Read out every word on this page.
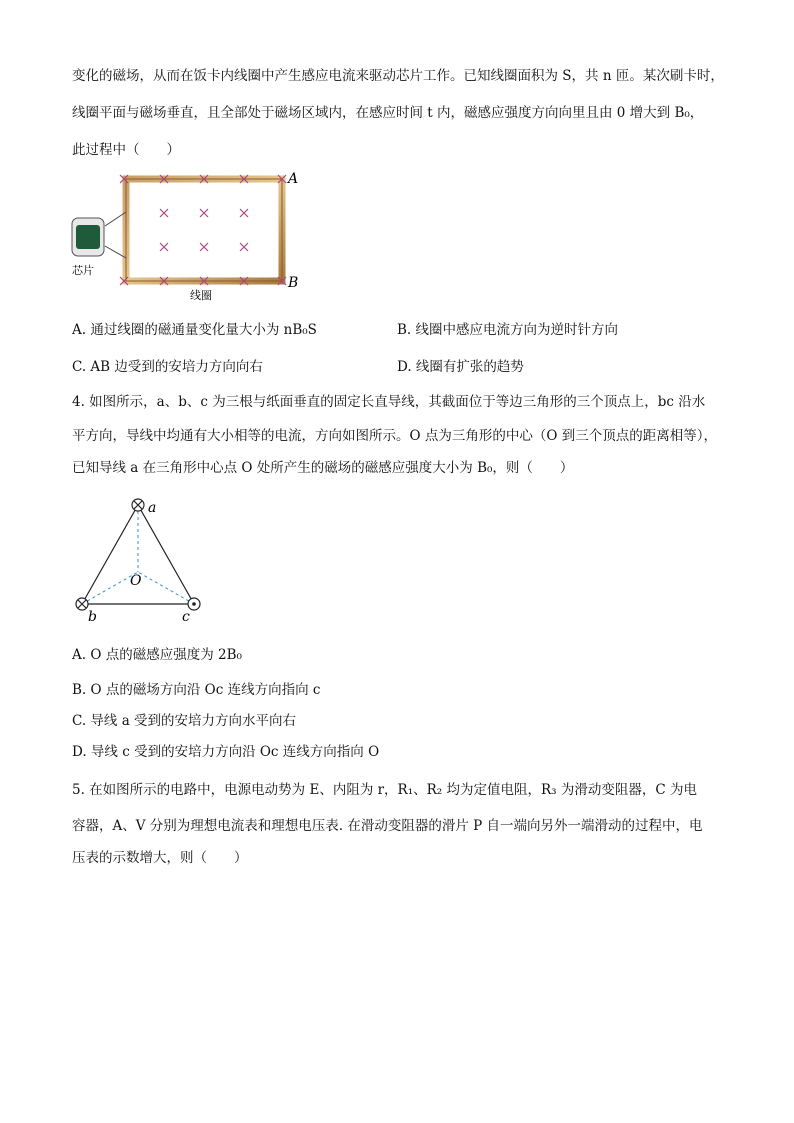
变化的磁场，从而在饭卡内线圈中产生感应电流来驱动芯片工作。已知线圈面积为 S，共 n 匝。某次刷卡时，
线圈平面与磁场垂直，且全部处于磁场区域内，在感应时间 t 内，磁感应强度方向向里且由 0 增大到 B₀，
此过程中（　　）
A
B
芯片
线圈
A. 通过线圈的磁通量变化量大小为 nB₀S	B. 线圈中感应电流方向为逆时针方向
C. AB 边受到的安培力方向向右	D. 线圈有扩张的趋势
4. 如图所示，a、b、c 为三根与纸面垂直的固定长直导线，其截面位于等边三角形的三个顶点上，bc 沿水
平方向，导线中均通有大小相等的电流，方向如图所示。O 点为三角形的中心（O 到三个顶点的距离相等），
已知导线 a 在三角形中心点 O 处所产生的磁场的磁感应强度大小为 B₀，则（　　）
a
b	c
O
A. O 点的磁感应强度为 2B₀
B. O 点的磁场方向沿 Oc 连线方向指向 c
C. 导线 a 受到的安培力方向水平向右
D. 导线 c 受到的安培力方向沿 Oc 连线方向指向 O
5. 在如图所示的电路中，电源电动势为 E、内阻为 r，R₁、R₂ 均为定值电阻，R₃ 为滑动变阻器，C 为电
容器，A、V 分别为理想电流表和理想电压表. 在滑动变阻器的滑片 P 自一端向另外一端滑动的过程中，电
压表的示数增大，则（　　）
